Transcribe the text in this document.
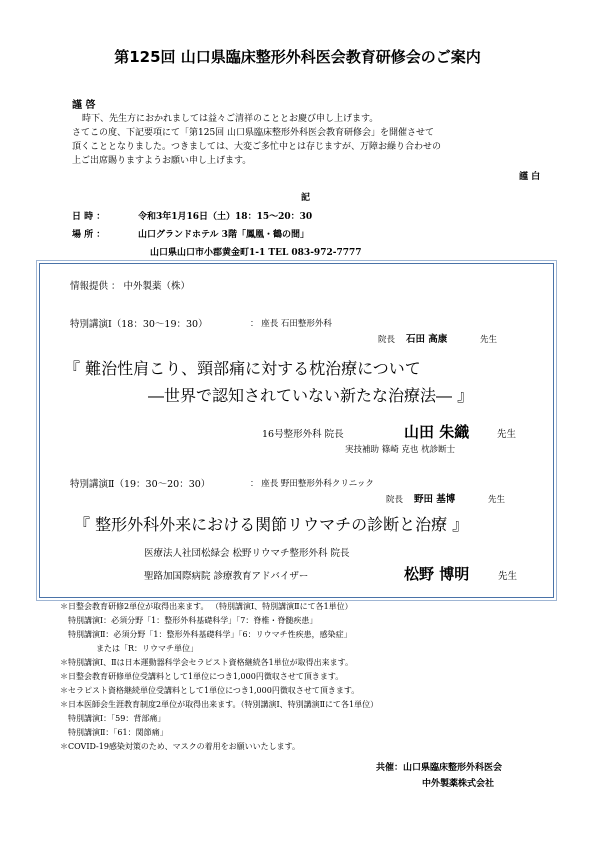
第125回 山口県臨床整形外科医会教育研修会のご案内
謹 啓
時下、先生方におかれましては益々ご清祥のこととお慶び申し上げます。
さてこの度、下記要項にて「第125回 山口県臨床整形外科医会教育研修会」を開催させて
頂くこととなりました。つきましては、大変ご多忙中とは存じますが、万障お繰り合わせの
上ご出席賜りますようお願い申し上げます。
謹 白
記
日 時 ：	令和3年1月16日（土）18：15～20：30
場 所 ：	山口グランドホテル 3階「鳳凰・鶴の間」
山口県山口市小郡黄金町1-1 TEL 083-972-7777
情報提供 ： 中外製薬（株）
特別講演Ⅰ（18：30～19：30）	： 座長 石田整形外科
院長 石田 高康	先生
『 難治性肩こり、頸部痛に対する枕治療について
―世界で認知されていない新たな治療法― 』
16号整形外科 院長	山田 朱織	先生
実技補助 篠崎 克也 枕診断士
特別講演Ⅱ（19：30～20：30）	： 座長 野田整形外科クリニック
院長 野田 基博	先生
『 整形外科外来における関節リウマチの診断と治療 』
医療法人社団松緑会 松野リウマチ整形外科 院長
聖路加国際病院 診療教育アドバイザー	松野 博明	先生
＊日整会教育研修2単位が取得出来ます。 （特別講演Ⅰ、特別講演Ⅱにて各1単位）
特別講演Ⅰ：必須分野「1：整形外科基礎科学」「7：脊椎・脊髄疾患」
特別講演Ⅱ：必須分野「1：整形外科基礎科学」「6：リウマチ性疾患，感染症」
または「R：リウマチ単位」
＊特別講演Ⅰ、Ⅱは日本運動器科学会セラピスト資格継続各1単位が取得出来ます。
＊日整会教育研修単位受講料として1単位につき1,000円徴収させて頂きます。
＊セラピスト資格継続単位受講料として1単位につき1,000円徴収させて頂きます。
＊日本医師会生涯教育制度2単位が取得出来ます。（特別講演Ⅰ、特別講演Ⅱにて各1単位）
特別講演Ⅰ：「59：背部痛」
特別講演Ⅱ：「61：関節痛」
＊COVID-19感染対策のため、マスクの着用をお願いいたします。
共催：山口県臨床整形外科医会
中外製薬株式会社
